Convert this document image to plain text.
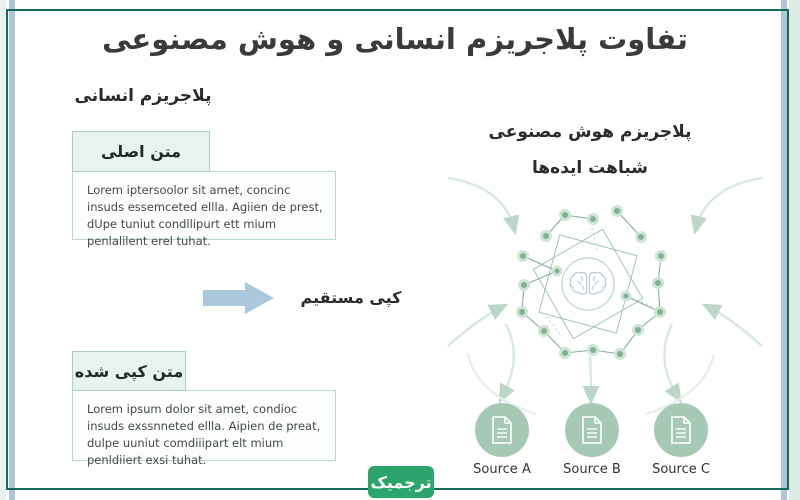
تفاوت پلاجریزم انسانی و هوش مصنوعی
پلاجریزم انسانی
متن اصلی
Lorem iptersoolor sit amet, concinc insuds essemceted ellla. Agiien de prest, dUpe tuniut condllipurt ett mium penlalilent erel tuhat.
کپی مستقیم
متن کپی شده
Lorem ipsum dolor sit amet, condioc insuds exssnneted ellla. Aipien de preat, dulpe uuniut comdiiipart elt mium penldiiert exsi tuhat.
پلاجریزم هوش مصنوعی
شباهت ایده‌ها
Source A	Source B	Source C
ترجمیک
